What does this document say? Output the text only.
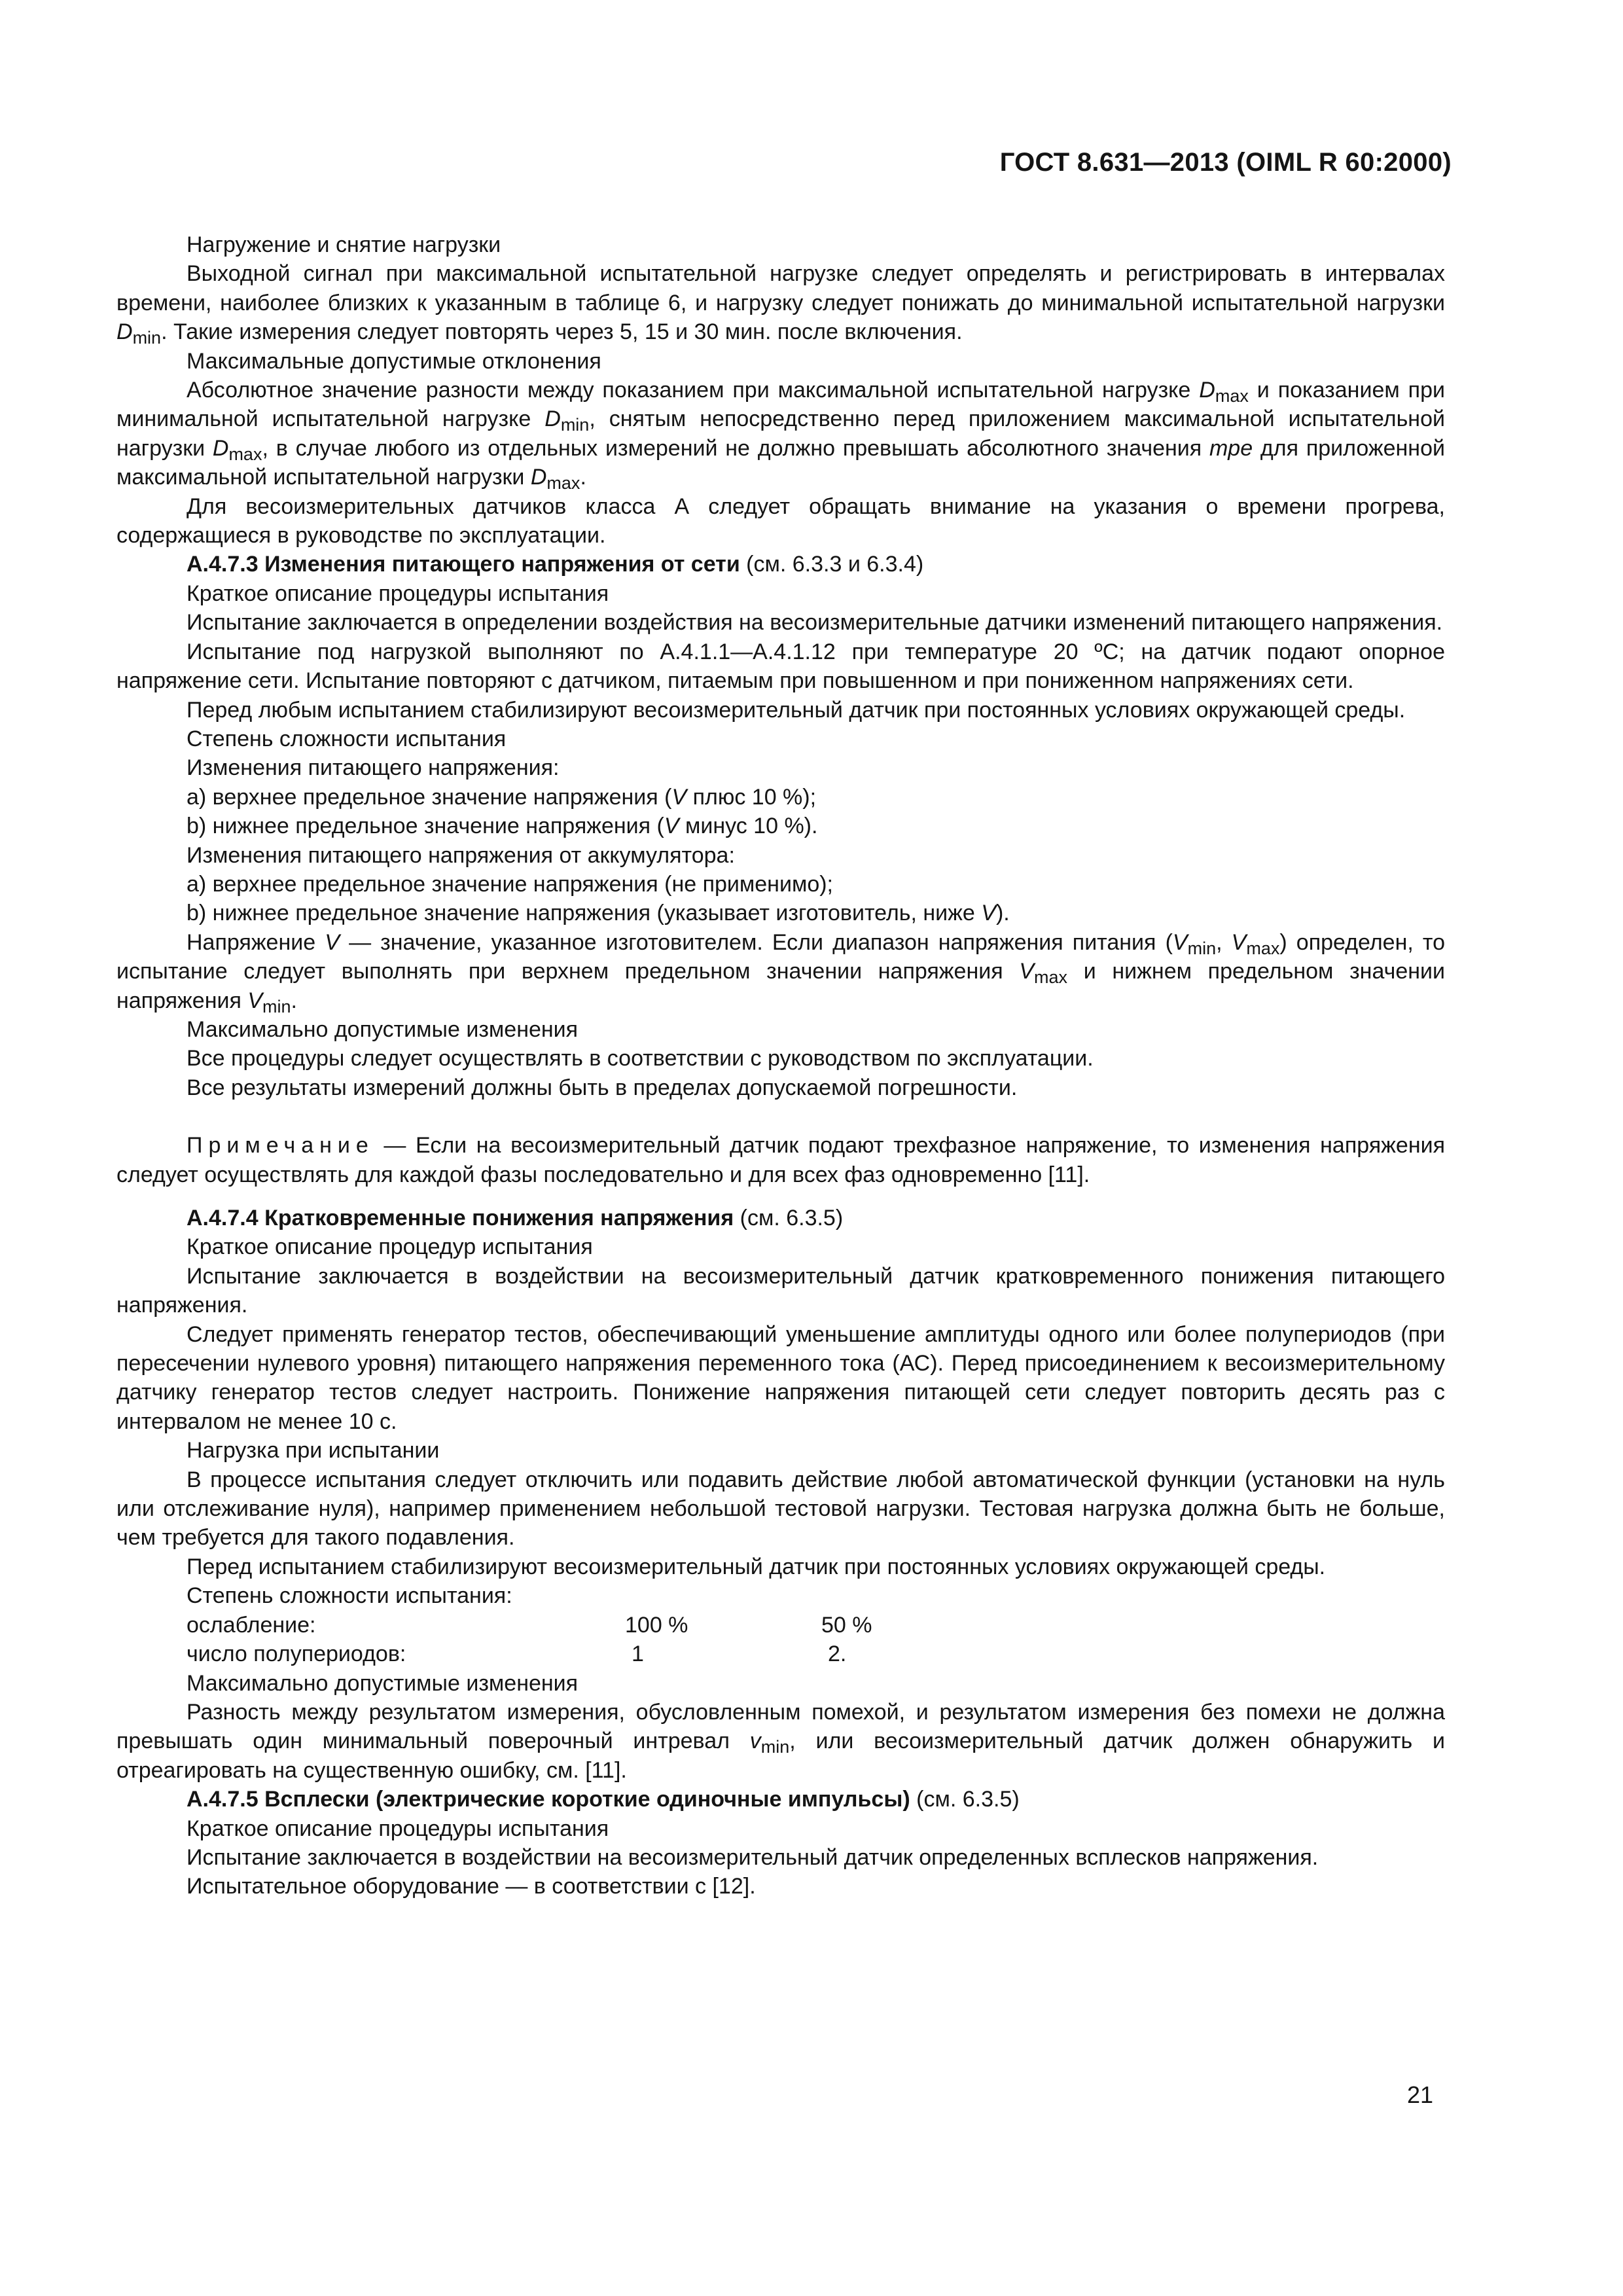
ГОСТ 8.631—2013 (OIML R 60:2000)

Нагружение и снятие нагрузки

Выходной сигнал при максимальной испытательной нагрузке следует определять и регистрировать в интервалах времени, наиболее близких к указанным в таблице 6, и нагрузку следует понижать до минимальной испытательной нагрузки $D_{min}$. Такие измерения следует повторять через 5, 15 и 30 мин. после включения.

Максимальные допустимые отклонения

Абсолютное значение разности между показанием при максимальной испытательной нагрузке $D_{max}$ и показанием при минимальной испытательной нагрузке $D_{min}$, снятым непосредственно перед приложением максимальной испытательной нагрузки $D_{max}$, в случае любого из отдельных измерений не должно превышать абсолютного значения mpe для приложенной максимальной испытательной нагрузки $D_{max}$.

Для весоизмерительных датчиков класса А следует обращать внимание на указания о времени прогрева, содержащиеся в руководстве по эксплуатации.

А.4.7.3 Изменения питающего напряжения от сети (см. 6.3.3 и 6.3.4)

Краткое описание процедуры испытания

Испытание заключается в определении воздействия на весоизмерительные датчики изменений питающего напряжения.

Испытание под нагрузкой выполняют по А.4.1.1—А.4.1.12 при температуре 20 ºС; на датчик подают опорное напряжение сети. Испытание повторяют с датчиком, питаемым при повышенном и при пониженном напряжениях сети.

Перед любым испытанием стабилизируют весоизмерительный датчик при постоянных условиях окружающей среды.

Степень сложности испытания

Изменения питающего напряжения:

а) верхнее предельное значение напряжения (V плюс 10 %);

b) нижнее предельное значение напряжения (V минус 10 %).

Изменения питающего напряжения от аккумулятора:

а) верхнее предельное значение напряжения (не применимо);

b) нижнее предельное значение напряжения (указывает изготовитель, ниже V).

Напряжение V — значение, указанное изготовителем. Если диапазон напряжения питания ($V_{min}$, $V_{max}$) определен, то испытание следует выполнять при верхнем предельном значении напряжения $V_{max}$ и нижнем предельном значении напряжения $V_{min}$.

Максимально допустимые изменения

Все процедуры следует осуществлять в соответствии с руководством по эксплуатации.

Все результаты измерений должны быть в пределах допускаемой погрешности.

Примечание — Если на весоизмерительный датчик подают трехфазное напряжение, то изменения напряжения следует осуществлять для каждой фазы последовательно и для всех фаз одновременно [11].

А.4.7.4 Кратковременные понижения напряжения (см. 6.3.5)

Краткое описание процедур испытания

Испытание заключается в воздействии на весоизмерительный датчик кратковременного понижения питающего напряжения.

Следует применять генератор тестов, обеспечивающий уменьшение амплитуды одного или более полупериодов (при пересечении нулевого уровня) питающего напряжения переменного тока (АС). Перед присоединением к весоизмерительному датчику генератор тестов следует настроить. Понижение напряжения питающей сети следует повторить десять раз с интервалом не менее 10 с.

Нагрузка при испытании

В процессе испытания следует отключить или подавить действие любой автоматической функции (установки на нуль или отслеживание нуля), например применением небольшой тестовой нагрузки. Тестовая нагрузка должна быть не больше, чем требуется для такого подавления.

Перед испытанием стабилизируют весоизмерительный датчик при постоянных условиях окружающей среды.

Степень сложности испытания:

ослабление:	100 %	50 %
число полупериодов:	1	2.

Максимально допустимые изменения

Разность между результатом измерения, обусловленным помехой, и результатом измерения без помехи не должна превышать один минимальный поверочный интревал $v_{min}$, или весоизмерительный датчик должен обнаружить и отреагировать на существенную ошибку, см. [11].

А.4.7.5 Всплески (электрические короткие одиночные импульсы) (см. 6.3.5)

Краткое описание процедуры испытания

Испытание заключается в воздействии на весоизмерительный датчик определенных всплесков напряжения.

Испытательное оборудование — в соответствии с [12].

21
